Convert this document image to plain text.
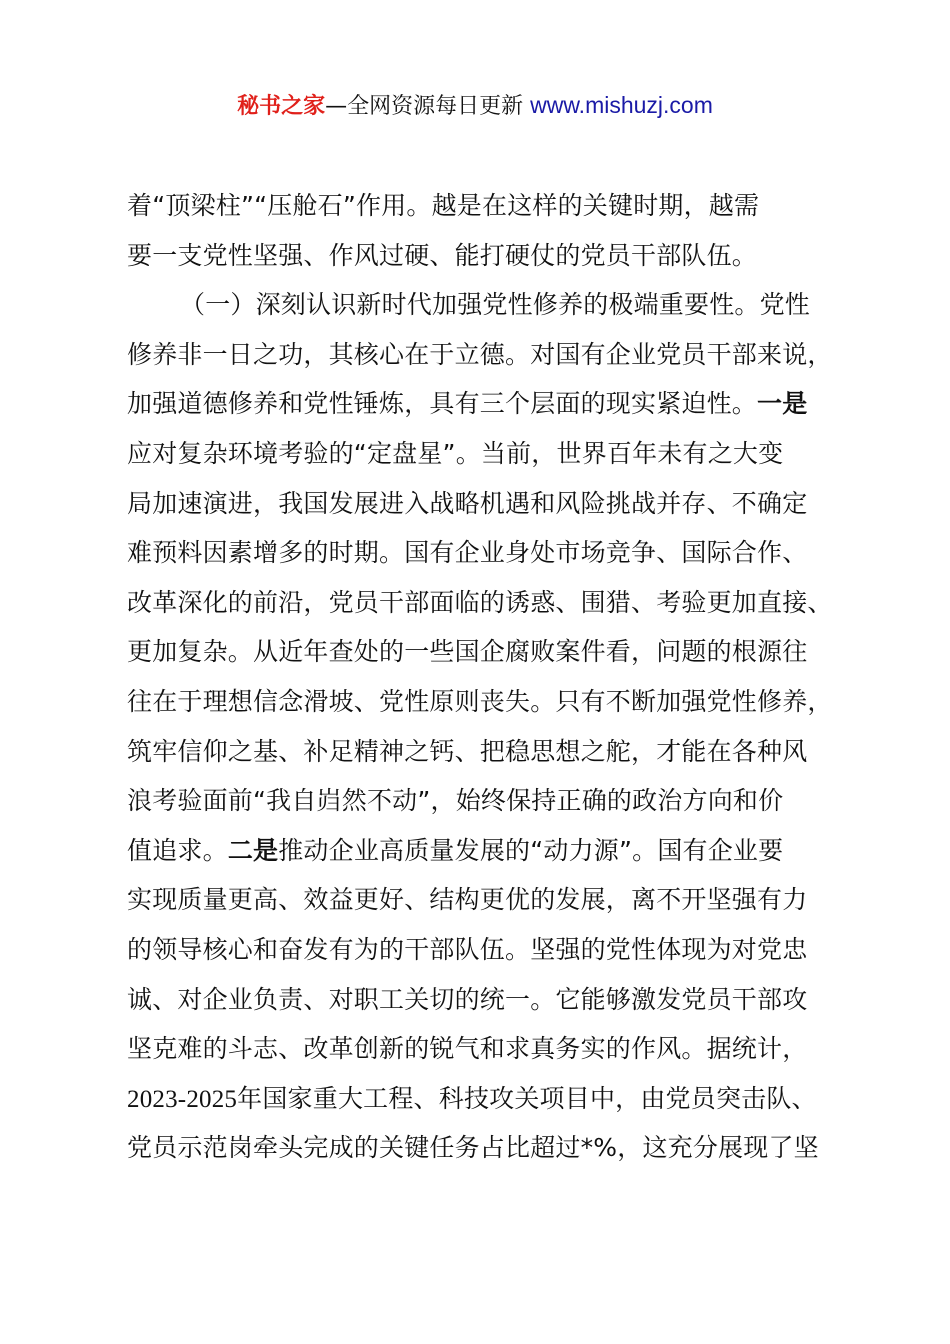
秘书之家—全网资源每日更新 www.mishuzj.com
着“顶梁柱”“压舱石”作用。越是在这样的关键时期，越需
要一支党性坚强、作风过硬、能打硬仗的党员干部队伍。
（一）深刻认识新时代加强党性修养的极端重要性。党性
修养非一日之功，其核心在于立德。对国有企业党员干部来说，
加强道德修养和党性锤炼，具有三个层面的现实紧迫性。一是
应对复杂环境考验的“定盘星”。当前，世界百年未有之大变
局加速演进，我国发展进入战略机遇和风险挑战并存、不确定
难预料因素增多的时期。国有企业身处市场竞争、国际合作、
改革深化的前沿，党员干部面临的诱惑、围猎、考验更加直接、
更加复杂。从近年查处的一些国企腐败案件看，问题的根源往
往在于理想信念滑坡、党性原则丧失。只有不断加强党性修养，
筑牢信仰之基、补足精神之钙、把稳思想之舵，才能在各种风
浪考验面前“我自岿然不动”，始终保持正确的政治方向和价
值追求。二是推动企业高质量发展的“动力源”。国有企业要
实现质量更高、效益更好、结构更优的发展，离不开坚强有力
的领导核心和奋发有为的干部队伍。坚强的党性体现为对党忠
诚、对企业负责、对职工关切的统一。它能够激发党员干部攻
坚克难的斗志、改革创新的锐气和求真务实的作风。据统计，
2023-2025年国家重大工程、科技攻关项目中，由党员突击队、
党员示范岗牵头完成的关键任务占比超过*%，这充分展现了坚
